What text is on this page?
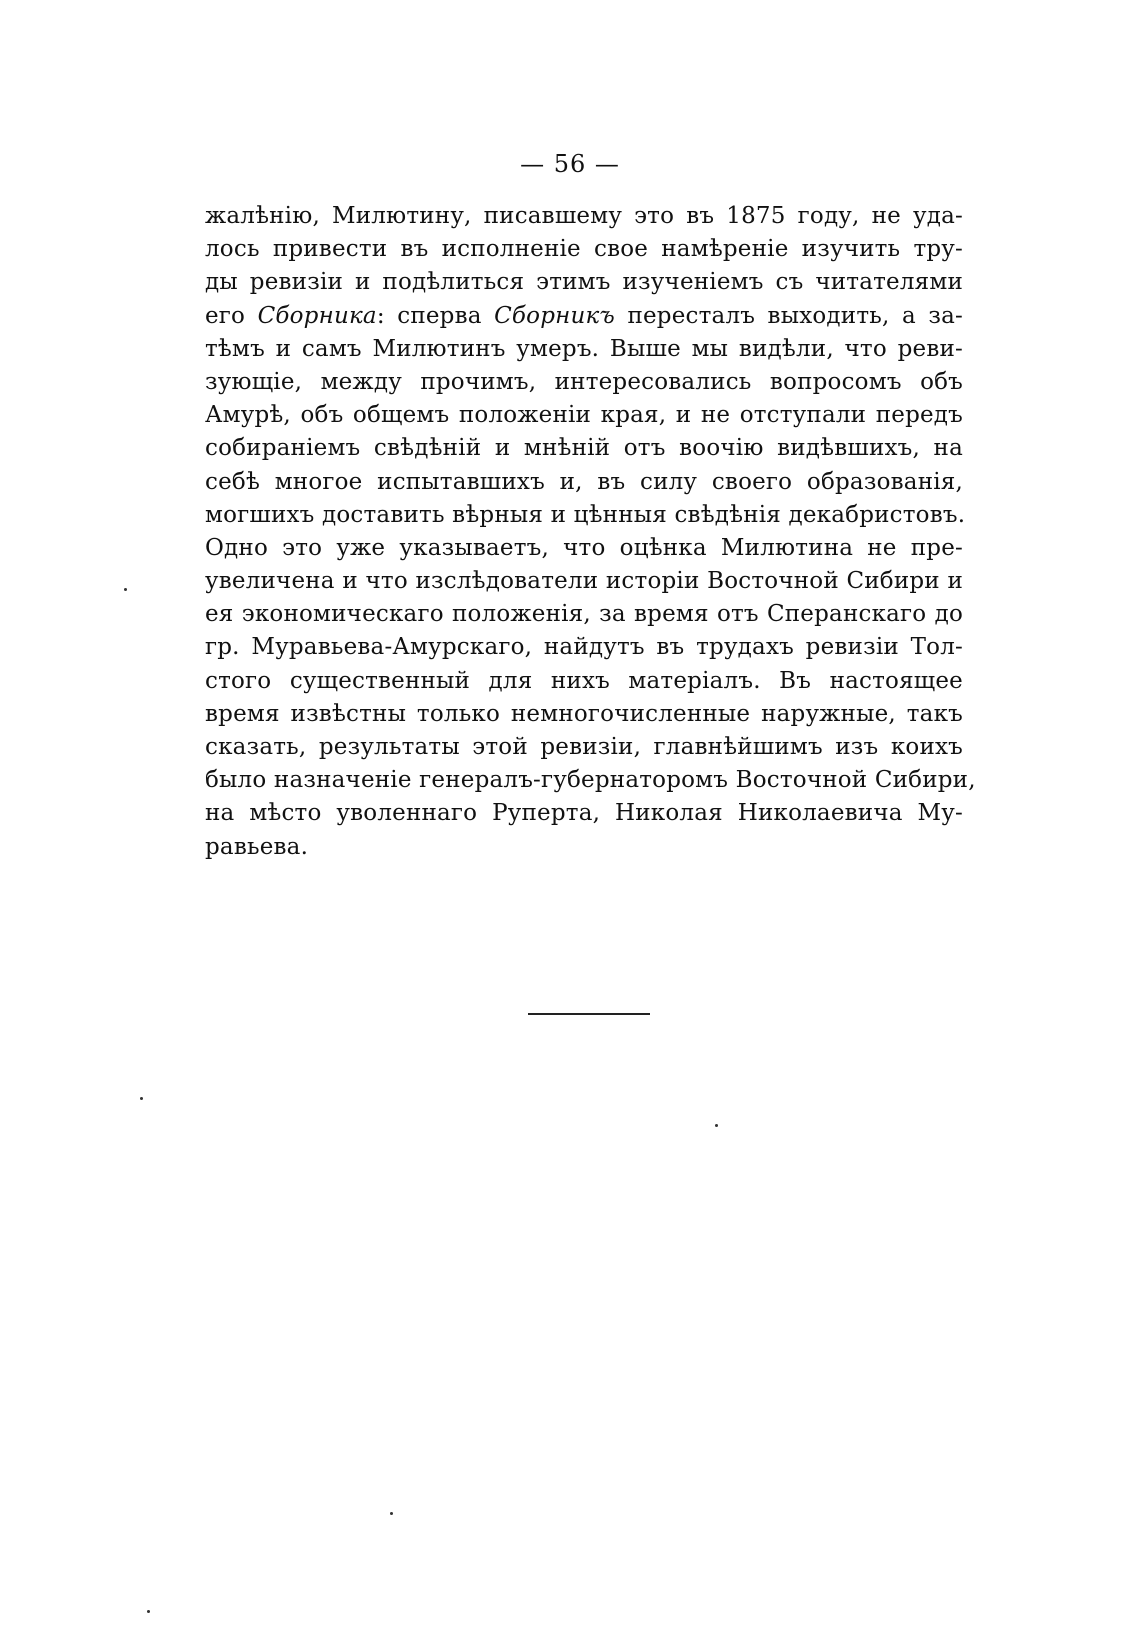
— 56 —
жалѣнію, Милютину, писавшему это въ 1875 году, не уда-
лось привести въ исполненіе свое намѣреніе изучить тру-
ды ревизіи и подѣлиться этимъ изученіемъ съ читателями
его Сборника: сперва Сборникъ пересталъ выходить, а за-
тѣмъ и самъ Милютинъ умеръ. Выше мы видѣли, что реви-
зующіе, между прочимъ, интересовались вопросомъ объ
Амурѣ, объ общемъ положеніи края, и не отступали передъ
собираніемъ свѣдѣній и мнѣній отъ воочію видѣвшихъ, на
себѣ многое испытавшихъ и, въ силу своего образованія,
могшихъ доставить вѣрныя и цѣнныя свѣдѣнія декабристовъ.
Одно это уже указываетъ, что оцѣнка Милютина не пре-
увеличена и что изслѣдователи исторіи Восточной Сибири и
ея экономическаго положенія, за время отъ Сперанскаго до
гр. Муравьева-Амурскаго, найдутъ въ трудахъ ревизіи Тол-
стого существенный для нихъ матеріалъ. Въ настоящее
время извѣстны только немногочисленные наружные, такъ
сказать, результаты этой ревизіи, главнѣйшимъ изъ коихъ
было назначеніе генералъ-губернаторомъ Восточной Сибири,
на мѣсто уволеннаго Руперта, Николая Николаевича Му-
равьева.
